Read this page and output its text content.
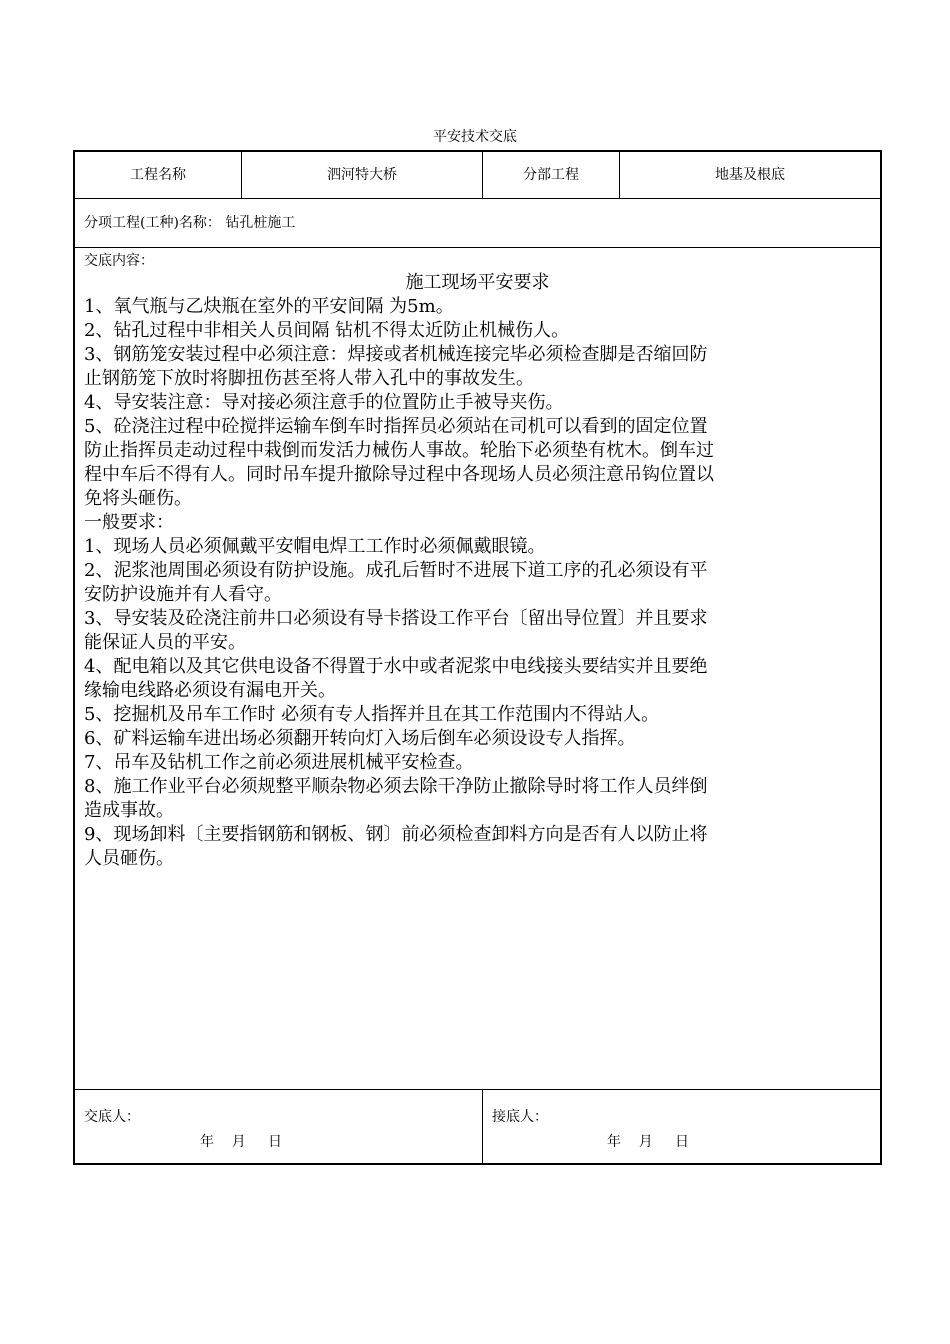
平安技术交底
工程名称	泗河特大桥	分部工程	地基及根底
分项工程(工种)名称： 钻孔桩施工
交底内容：
施工现场平安要求
1、氧气瓶与乙炔瓶在室外的平安间隔 为5m。
2、钻孔过程中非相关人员间隔 钻机不得太近防止机械伤人。
3、钢筋笼安装过程中必须注意：焊接或者机械连接完毕必须检查脚是否缩回防
止钢筋笼下放时将脚扭伤甚至将人带入孔中的事故发生。
4、导安装注意：导对接必须注意手的位置防止手被导夹伤。
5、砼浇注过程中砼搅拌运输车倒车时指挥员必须站在司机可以看到的固定位置
防止指挥员走动过程中栽倒而发活力械伤人事故。轮胎下必须垫有枕木。倒车过
程中车后不得有人。同时吊车提升撤除导过程中各现场人员必须注意吊钩位置以
免将头砸伤。
一般要求：
1、现场人员必须佩戴平安帽电焊工工作时必须佩戴眼镜。
2、泥浆池周围必须设有防护设施。成孔后暂时不进展下道工序的孔必须设有平
安防护设施并有人看守。
3、导安装及砼浇注前井口必须设有导卡搭设工作平台〔留出导位置〕并且要求
能保证人员的平安。
4、配电箱以及其它供电设备不得置于水中或者泥浆中电线接头要结实并且要绝
缘输电线路必须设有漏电开关。
5、挖掘机及吊车工作时 必须有专人指挥并且在其工作范围内不得站人。
6、矿料运输车进出场必须翻开转向灯入场后倒车必须设设专人指挥。
7、吊车及钻机工作之前必须进展机械平安检查。
8、施工作业平台必须规整平顺杂物必须去除干净防止撤除导时将工作人员绊倒
造成事故。
9、现场卸料〔主要指钢筋和钢板、钢〕前必须检查卸料方向是否有人以防止将
人员砸伤。
交底人：
年    月     日
接底人：
年    月     日
